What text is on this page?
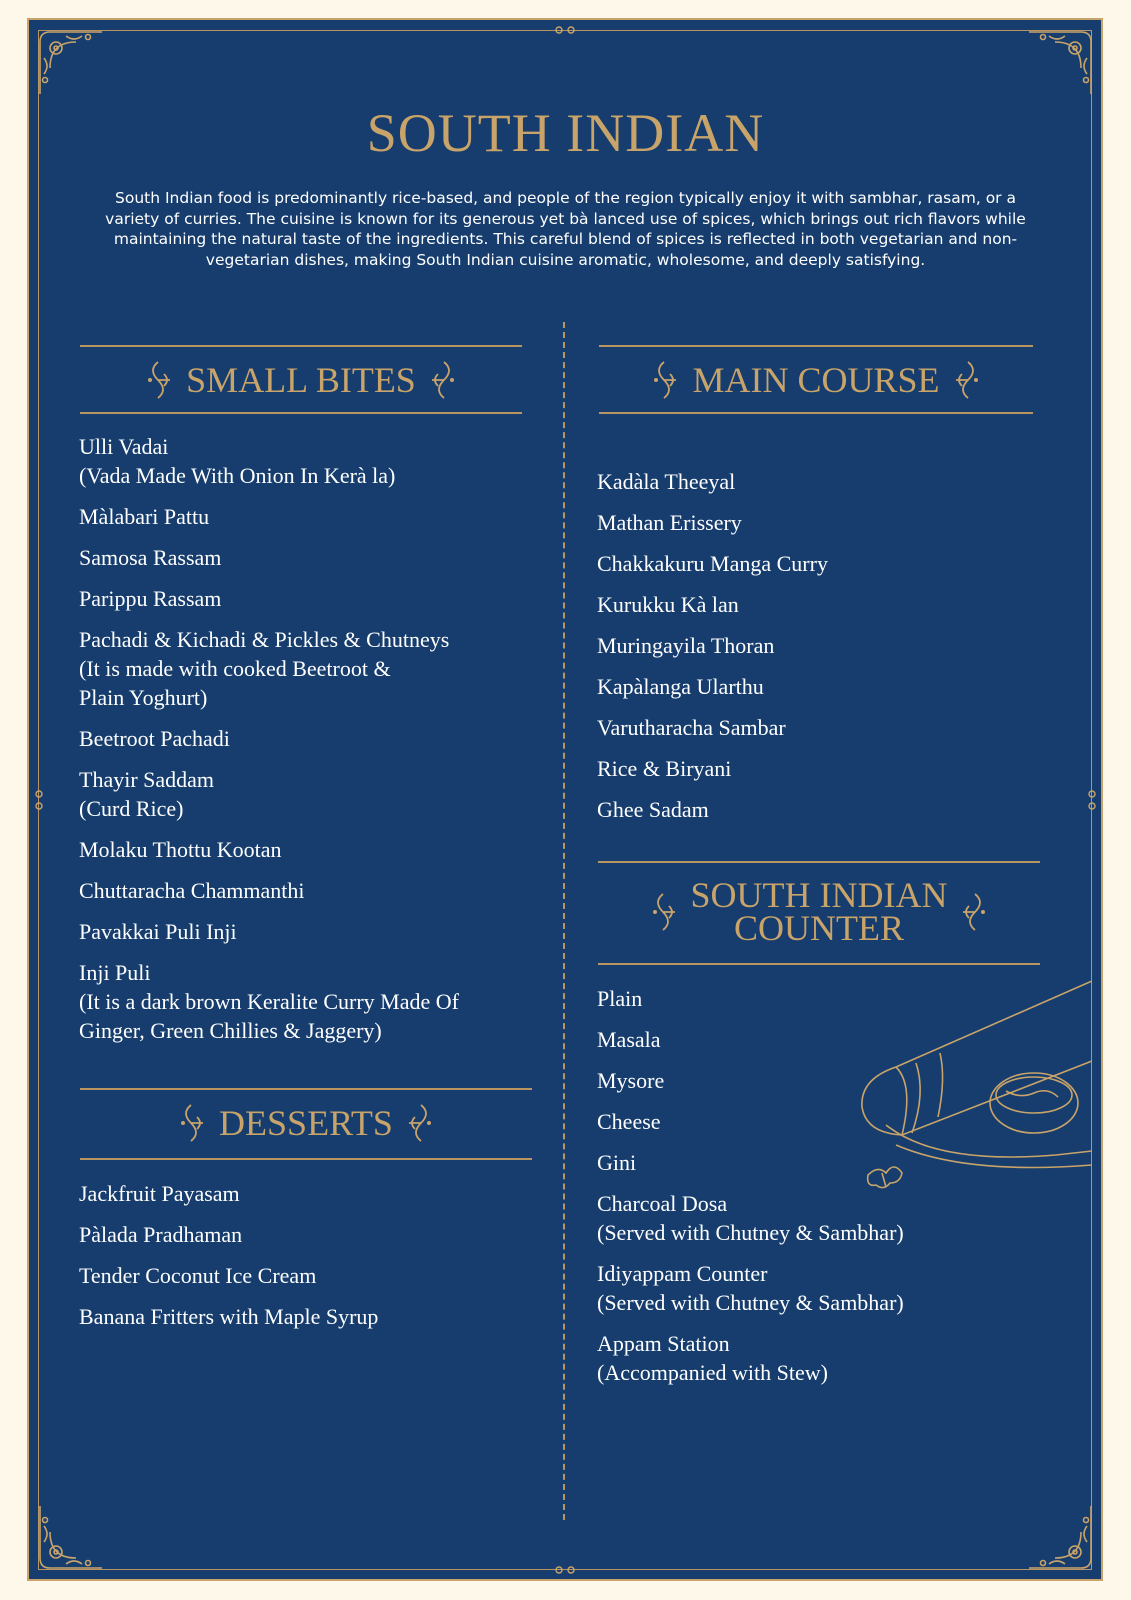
SOUTH INDIAN
South Indian food is predominantly rice-based, and people of the region typically enjoy it with sambhar, rasam, or a variety of curries. The cuisine is known for its generous yet bà lanced use of spices, which brings out rich flavors while maintaining the natural taste of the ingredients. This careful blend of spices is reflected in both vegetarian and non- vegetarian dishes, making South Indian cuisine aromatic, wholesome, and deeply satisfying.
SMALL BITES
Ulli Vadai
(Vada Made With Onion In Kerà la)
Màlabari Pattu
Samosa Rassam
Parippu Rassam
Pachadi & Kichadi & Pickles & Chutneys
(It is made with cooked Beetroot &
Plain Yoghurt)
Beetroot Pachadi
Thayir Saddam
(Curd Rice)
Molaku Thottu Kootan
Chuttaracha Chammanthi
Pavakkai Puli Inji
Inji Puli
(It is a dark brown Keralite Curry Made Of
Ginger, Green Chillies & Jaggery)
DESSERTS
Jackfruit Payasam
Pàlada Pradhaman
Tender Coconut Ice Cream
Banana Fritters with Maple Syrup
MAIN COURSE
Kadàla Theeyal
Mathan Erissery
Chakkakuru Manga Curry
Kurukku Kà lan
Muringayila Thoran
Kapàlanga Ularthu
Varutharacha Sambar
Rice & Biryani
Ghee Sadam
SOUTH INDIAN
COUNTER
Plain
Masala
Mysore
Cheese
Gini
Charcoal Dosa
(Served with Chutney & Sambhar)
Idiyappam Counter
(Served with Chutney & Sambhar)
Appam Station
(Accompanied with Stew)
